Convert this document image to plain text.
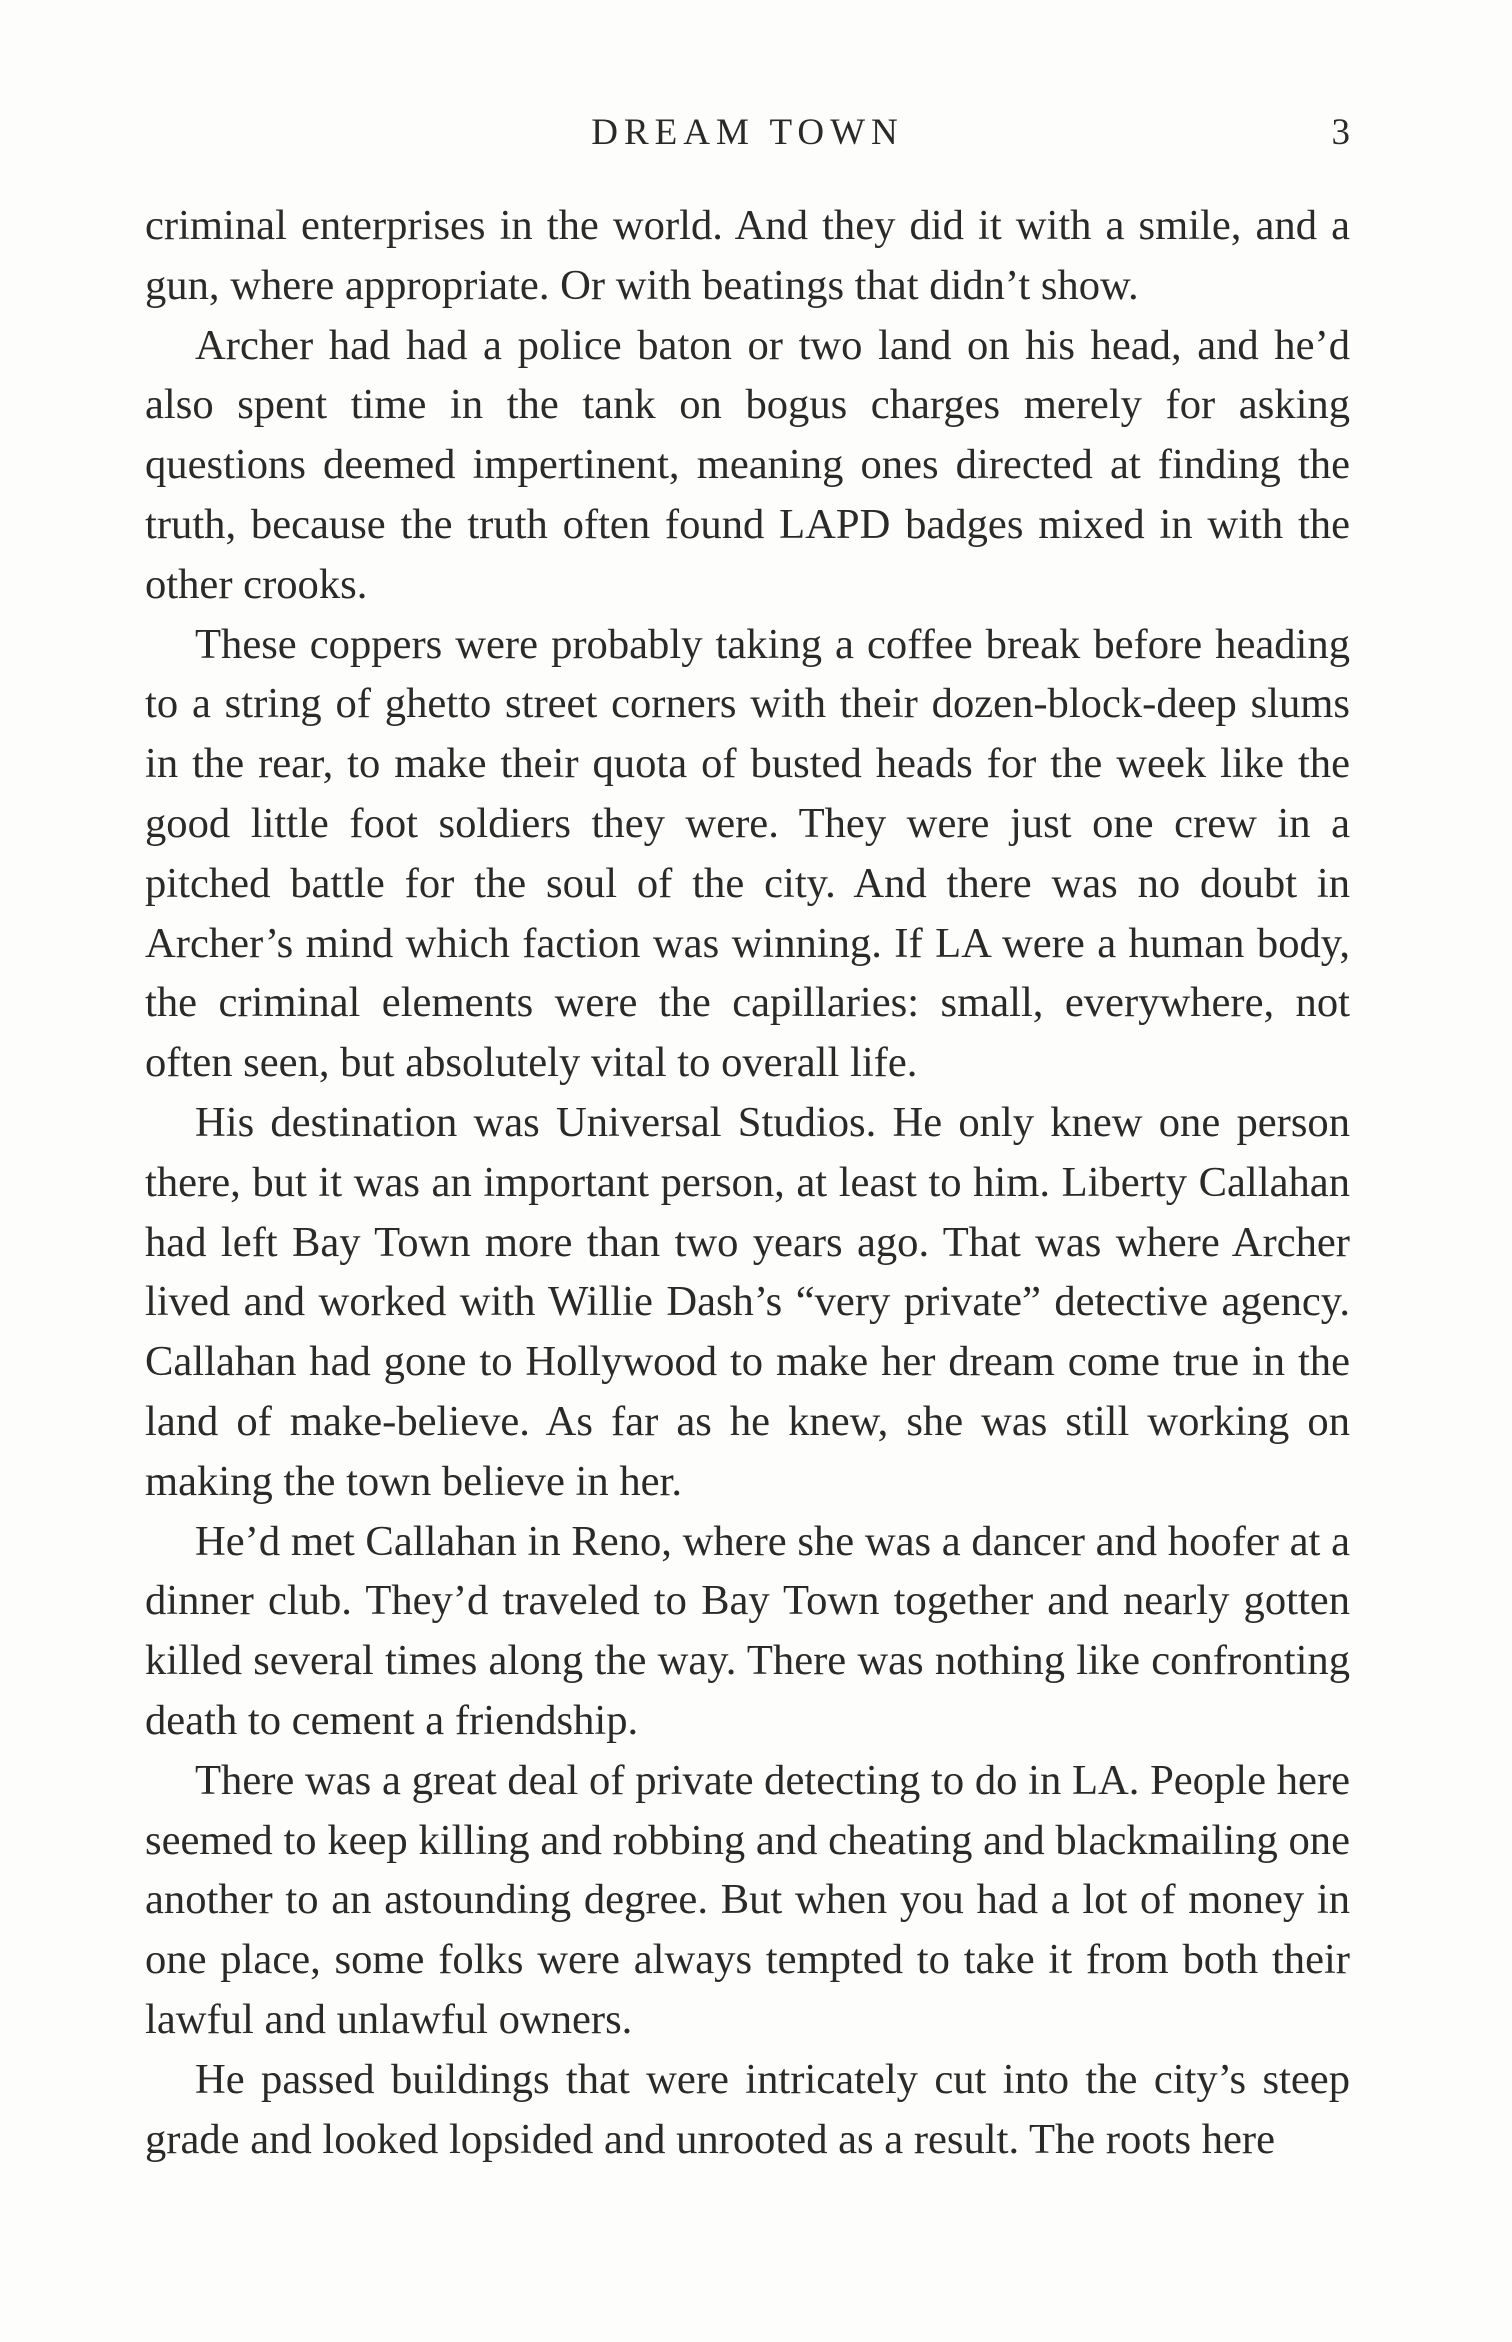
DREAM TOWN	3

criminal enterprises in the world. And they did it with a smile, and a gun, where appropriate. Or with beatings that didn’t show.

Archer had had a police baton or two land on his head, and he’d also spent time in the tank on bogus charges merely for asking questions deemed impertinent, meaning ones directed at finding the truth, because the truth often found LAPD badges mixed in with the other crooks.

These coppers were probably taking a coffee break before heading to a string of ghetto street corners with their dozen-block-deep slums in the rear, to make their quota of busted heads for the week like the good little foot soldiers they were. They were just one crew in a pitched battle for the soul of the city. And there was no doubt in Archer’s mind which faction was winning. If LA were a human body, the criminal elements were the capillaries: small, everywhere, not often seen, but absolutely vital to overall life.

His destination was Universal Studios. He only knew one person there, but it was an important person, at least to him. Liberty Callahan had left Bay Town more than two years ago. That was where Archer lived and worked with Willie Dash’s “very private” detective agency. Callahan had gone to Hollywood to make her dream come true in the land of make-believe. As far as he knew, she was still working on making the town believe in her.

He’d met Callahan in Reno, where she was a dancer and hoofer at a dinner club. They’d traveled to Bay Town together and nearly gotten killed several times along the way. There was nothing like confronting death to cement a friendship.

There was a great deal of private detecting to do in LA. People here seemed to keep killing and robbing and cheating and blackmailing one another to an astounding degree. But when you had a lot of money in one place, some folks were always tempted to take it from both their lawful and unlawful owners.

He passed buildings that were intricately cut into the city’s steep grade and looked lopsided and unrooted as a result. The roots here
